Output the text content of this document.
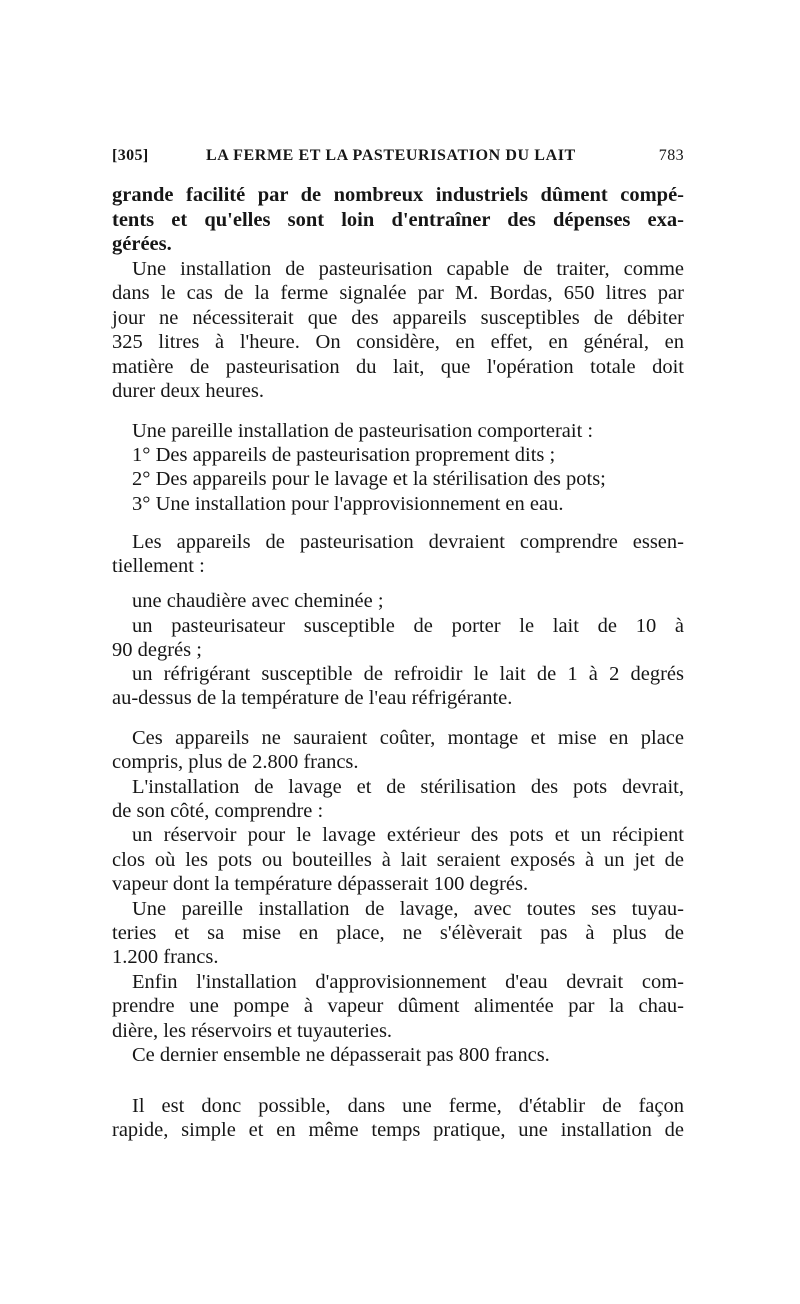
[305]	LA FERME ET LA PASTEURISATION DU LAIT	783
grande facilité par de nombreux industriels dûment compé-
tents et qu'elles sont loin d'entraîner des dépenses exa-
gérées.
Une installation de pasteurisation capable de traiter, comme
dans le cas de la ferme signalée par M. Bordas, 650 litres par
jour ne nécessiterait que des appareils susceptibles de débiter
325 litres à l'heure. On considère, en effet, en général, en
matière de pasteurisation du lait, que l'opération totale doit
durer deux heures.
Une pareille installation de pasteurisation comporterait :
1° Des appareils de pasteurisation proprement dits ;
2° Des appareils pour le lavage et la stérilisation des pots;
3° Une installation pour l'approvisionnement en eau.
Les appareils de pasteurisation devraient comprendre essen-
tiellement :
une chaudière avec cheminée ;
un pasteurisateur susceptible de porter le lait de 10 à
90 degrés ;
un réfrigérant susceptible de refroidir le lait de 1 à 2 degrés
au-dessus de la température de l'eau réfrigérante.
Ces appareils ne sauraient coûter, montage et mise en place
compris, plus de 2.800 francs.
L'installation de lavage et de stérilisation des pots devrait,
de son côté, comprendre :
un réservoir pour le lavage extérieur des pots et un récipient
clos où les pots ou bouteilles à lait seraient exposés à un jet de
vapeur dont la température dépasserait 100 degrés.
Une pareille installation de lavage, avec toutes ses tuyau-
teries et sa mise en place, ne s'élèverait pas à plus de
1.200 francs.
Enfin l'installation d'approvisionnement d'eau devrait com-
prendre une pompe à vapeur dûment alimentée par la chau-
dière, les réservoirs et tuyauteries.
Ce dernier ensemble ne dépasserait pas 800 francs.
Il est donc possible, dans une ferme, d'établir de façon
rapide, simple et en même temps pratique, une installation de
